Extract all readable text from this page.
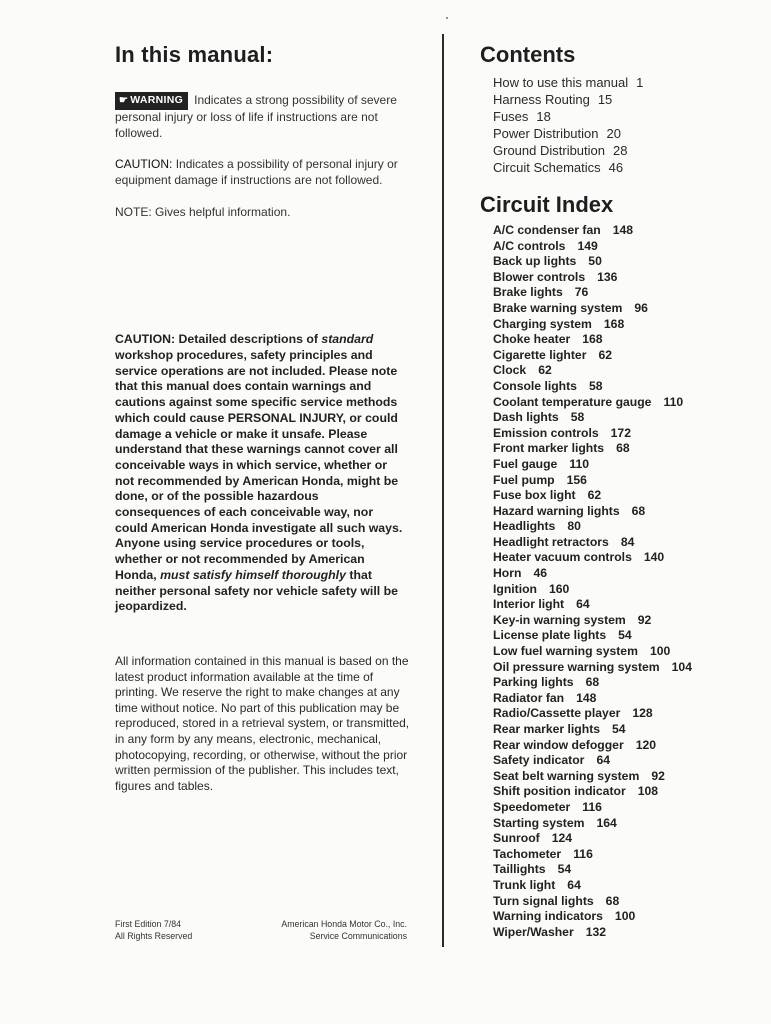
In this manual:

☛ WARNING Indicates a strong possibility of severe personal injury or loss of life if instructions are not followed.

CAUTION: Indicates a possibility of personal injury or equipment damage if instructions are not followed.

NOTE: Gives helpful information.

CAUTION: Detailed descriptions of standard workshop procedures, safety principles and service operations are not included. Please note that this manual does contain warnings and cautions against some specific service methods which could cause PERSONAL INJURY, or could damage a vehicle or make it unsafe. Please understand that these warnings cannot cover all conceivable ways in which service, whether or not recommended by American Honda, might be done, or of the possible hazardous consequences of each conceivable way, nor could American Honda investigate all such ways. Anyone using service procedures or tools, whether or not recommended by American Honda, must satisfy himself thoroughly that neither personal safety nor vehicle safety will be jeopardized.

All information contained in this manual is based on the latest product information available at the time of printing. We reserve the right to make changes at any time without notice. No part of this publication may be reproduced, stored in a retrieval system, or transmitted, in any form by any means, electronic, mechanical, photocopying, recording, or otherwise, without the prior written permission of the publisher. This includes text, figures and tables.

First Edition 7/84
All Rights Reserved
American Honda Motor Co., Inc.
Service Communications
Contents
How to use this manual 1
Harness Routing 15
Fuses 18
Power Distribution 20
Ground Distribution 28
Circuit Schematics 46
Circuit Index
A/C condenser fan 148
A/C controls 149
Back up lights 50
Blower controls 136
Brake lights 76
Brake warning system 96
Charging system 168
Choke heater 168
Cigarette lighter 62
Clock 62
Console lights 58
Coolant temperature gauge 110
Dash lights 58
Emission controls 172
Front marker lights 68
Fuel gauge 110
Fuel pump 156
Fuse box light 62
Hazard warning lights 68
Headlights 80
Headlight retractors 84
Heater vacuum controls 140
Horn 46
Ignition 160
Interior light 64
Key-in warning system 92
License plate lights 54
Low fuel warning system 100
Oil pressure warning system 104
Parking lights 68
Radiator fan 148
Radio/Cassette player 128
Rear marker lights 54
Rear window defogger 120
Safety indicator 64
Seat belt warning system 92
Shift position indicator 108
Speedometer 116
Starting system 164
Sunroof 124
Tachometer 116
Taillights 54
Trunk light 64
Turn signal lights 68
Warning indicators 100
Wiper/Washer 132
